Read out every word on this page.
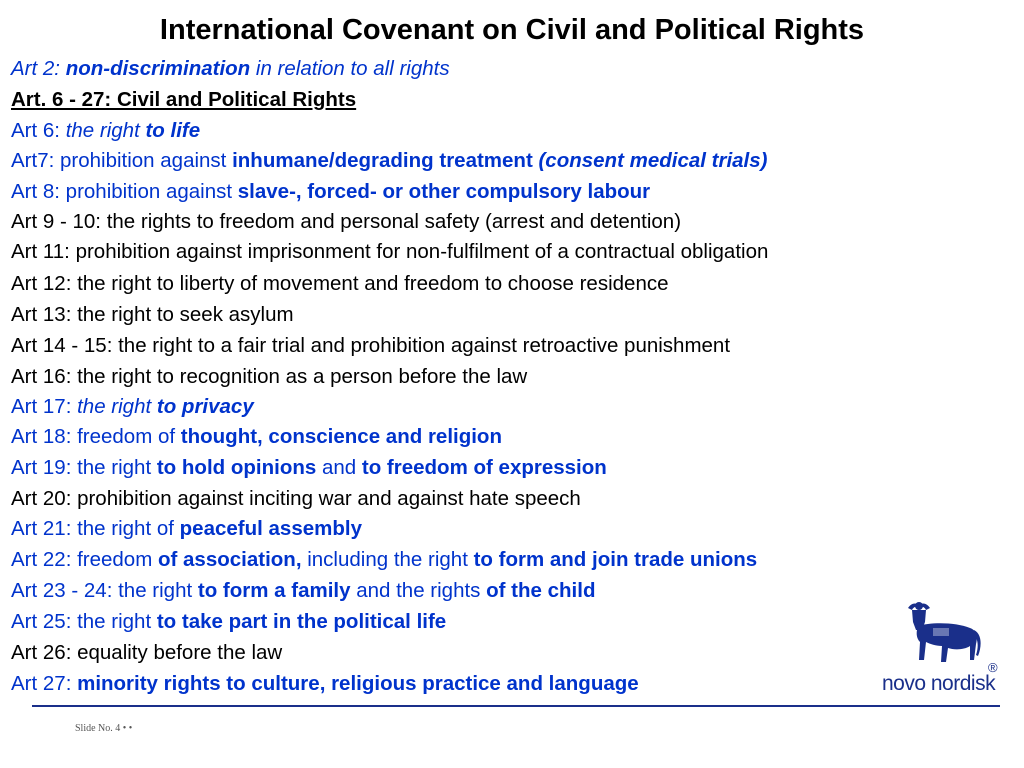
International Covenant on Civil and Political Rights
Art 2: non-discrimination in relation to all rights
Art. 6 - 27: Civil and Political Rights
Art 6: the right to life
Art7: prohibition against inhumane/degrading treatment (consent medical trials)
Art 8: prohibition against slave-, forced- or other compulsory labour
Art 9 - 10: the rights to freedom and personal safety (arrest and detention)
Art 11: prohibition against imprisonment for non-fulfilment of a contractual obligation
Art 12: the right to liberty of movement and freedom to choose residence
Art 13: the right to seek asylum
Art 14 - 15: the right to a fair trial and prohibition against retroactive punishment
Art 16: the right to recognition as a person before the law
Art 17: the right to privacy
Art 18: freedom of thought, conscience and religion
Art 19: the right to hold opinions and to freedom of expression
Art 20: prohibition against inciting war and against hate speech
Art 21: the right of peaceful assembly
Art 22: freedom of association, including the right to form and join trade unions
Art 23 - 24: the right to form a family and the rights of the child
Art 25: the right to take part in the political life
Art 26: equality before the law
Art 27: minority rights to culture, religious practice and language
Slide No. 4 • •
novo nordisk
®
